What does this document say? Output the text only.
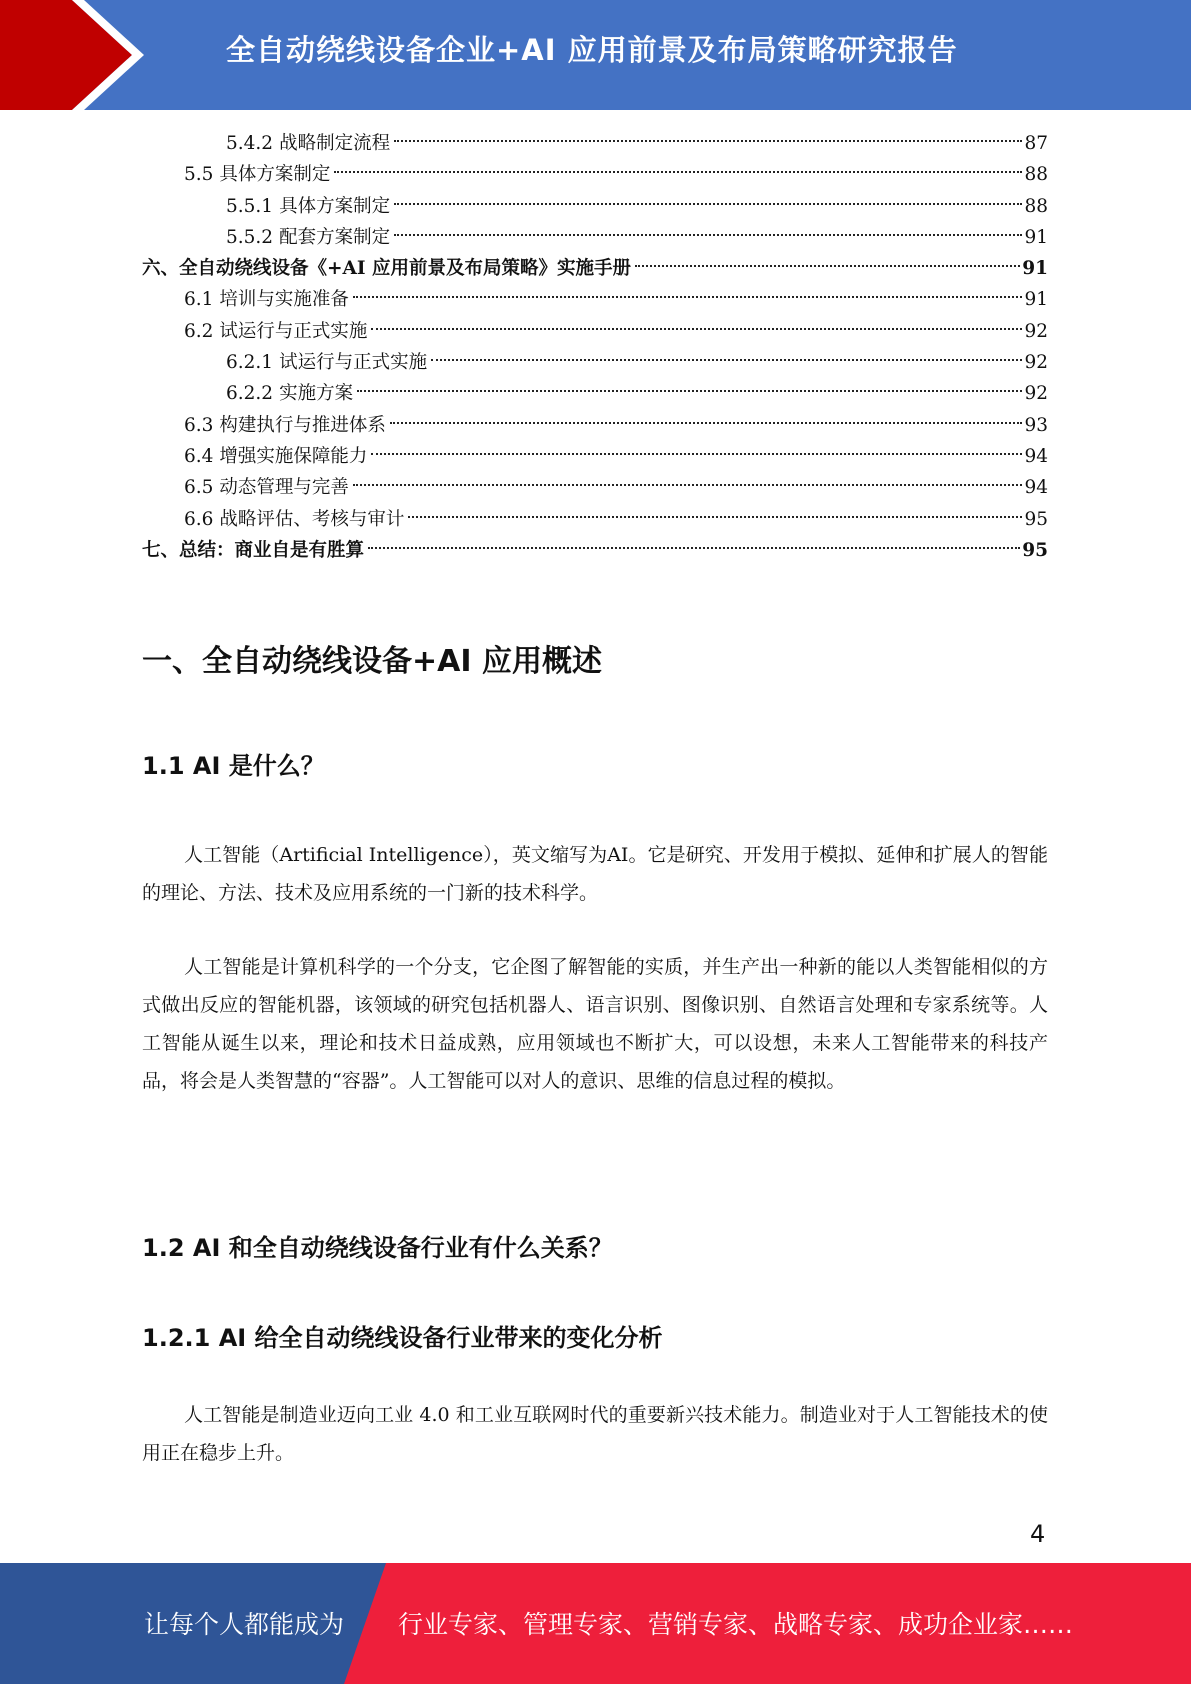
全自动绕线设备企业+AI 应用前景及布局策略研究报告
5.4.2 战略制定流程	87
5.5 具体方案制定	88
5.5.1 具体方案制定	88
5.5.2 配套方案制定	91
六、全自动绕线设备《+AI 应用前景及布局策略》实施手册	91
6.1 培训与实施准备	91
6.2 试运行与正式实施	92
6.2.1 试运行与正式实施	92
6.2.2 实施方案	92
6.3 构建执行与推进体系	93
6.4 增强实施保障能力	94
6.5 动态管理与完善	94
6.6 战略评估、考核与审计	95
七、总结：商业自是有胜算	95
一、全自动绕线设备+AI 应用概述
1.1 AI 是什么？

人工智能（Artificial Intelligence），英文缩写为AI。它是研究、开发用于模拟、延伸和扩展人的智能的理论、方法、技术及应用系统的一门新的技术科学。

人工智能是计算机科学的一个分支，它企图了解智能的实质，并生产出一种新的能以人类智能相似的方式做出反应的智能机器，该领域的研究包括机器人、语言识别、图像识别、自然语言处理和专家系统等。人工智能从诞生以来，理论和技术日益成熟，应用领域也不断扩大，可以设想，未来人工智能带来的科技产品，将会是人类智慧的“容器”。人工智能可以对人的意识、思维的信息过程的模拟。

1.2 AI 和全自动绕线设备行业有什么关系？
1.2.1 AI 给全自动绕线设备行业带来的变化分析

人工智能是制造业迈向工业 4.0 和工业互联网时代的重要新兴技术能力。制造业对于人工智能技术的使用正在稳步上升。

4
让每个人都能成为 行业专家、管理专家、营销专家、战略专家、成功企业家……
